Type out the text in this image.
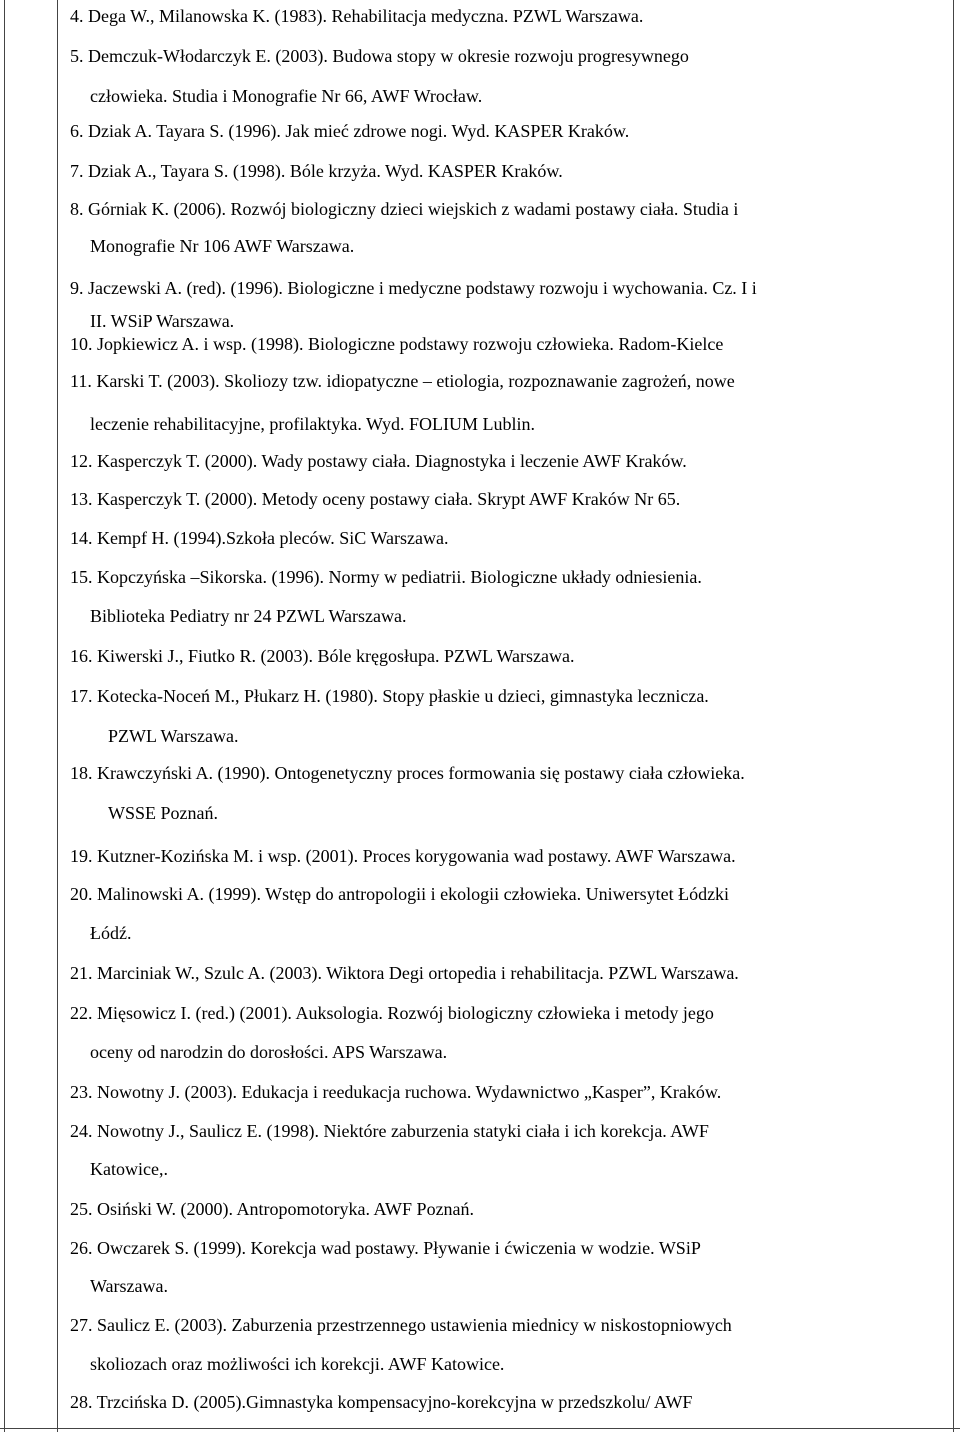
4. Dega W., Milanowska K. (1983). Rehabilitacja medyczna. PZWL Warszawa.
5. Demczuk-Włodarczyk E. (2003). Budowa stopy w okresie rozwoju progresywnego
człowieka. Studia i Monografie Nr 66, AWF Wrocław.
6. Dziak A. Tayara S. (1996). Jak mieć zdrowe nogi. Wyd. KASPER Kraków.
7. Dziak A., Tayara S. (1998). Bóle krzyża. Wyd. KASPER Kraków.
8. Górniak K. (2006). Rozwój biologiczny dzieci wiejskich z wadami postawy ciała. Studia i
Monografie Nr 106 AWF Warszawa.
9. Jaczewski A. (red). (1996). Biologiczne i medyczne podstawy rozwoju i wychowania. Cz. I i
II. WSiP Warszawa.
10. Jopkiewicz A. i wsp. (1998). Biologiczne podstawy rozwoju człowieka. Radom-Kielce
11. Karski T. (2003). Skoliozy tzw. idiopatyczne – etiologia, rozpoznawanie zagrożeń, nowe
leczenie rehabilitacyjne, profilaktyka. Wyd. FOLIUM Lublin.
12. Kasperczyk T. (2000). Wady postawy ciała. Diagnostyka i leczenie AWF Kraków.
13. Kasperczyk T. (2000). Metody oceny postawy ciała. Skrypt AWF Kraków Nr 65.
14. Kempf H. (1994).Szkoła pleców. SiC Warszawa.
15. Kopczyńska –Sikorska. (1996). Normy w pediatrii. Biologiczne układy odniesienia.
Biblioteka Pediatry nr 24 PZWL Warszawa.
16. Kiwerski J., Fiutko R. (2003). Bóle kręgosłupa. PZWL Warszawa.
17. Kotecka-Noceń M., Płukarz H. (1980). Stopy płaskie u dzieci, gimnastyka lecznicza.
PZWL Warszawa.
18. Krawczyński A. (1990). Ontogenetyczny proces formowania się postawy ciała człowieka.
WSSE Poznań.
19. Kutzner-Kozińska M. i wsp. (2001). Proces korygowania wad postawy. AWF Warszawa.
20. Malinowski A. (1999). Wstęp do antropologii i ekologii człowieka. Uniwersytet Łódzki
Łódź.
21. Marciniak W., Szulc A. (2003). Wiktora Degi ortopedia i rehabilitacja. PZWL Warszawa.
22. Mięsowicz I. (red.) (2001). Auksologia. Rozwój biologiczny człowieka i metody jego
oceny od narodzin do dorosłości. APS Warszawa.
23. Nowotny J. (2003). Edukacja i reedukacja ruchowa. Wydawnictwo „Kasper”, Kraków.
24. Nowotny J., Saulicz E. (1998). Niektóre zaburzenia statyki ciała i ich korekcja. AWF
Katowice,.
25. Osiński W. (2000). Antropomotoryka. AWF Poznań.
26. Owczarek S. (1999). Korekcja wad postawy. Pływanie i ćwiczenia w wodzie. WSiP
Warszawa.
27. Saulicz E. (2003). Zaburzenia przestrzennego ustawienia miednicy w niskostopniowych
skoliozach oraz możliwości ich korekcji. AWF Katowice.
28. Trzcińska D. (2005).Gimnastyka kompensacyjno-korekcyjna w przedszkolu/ AWF
